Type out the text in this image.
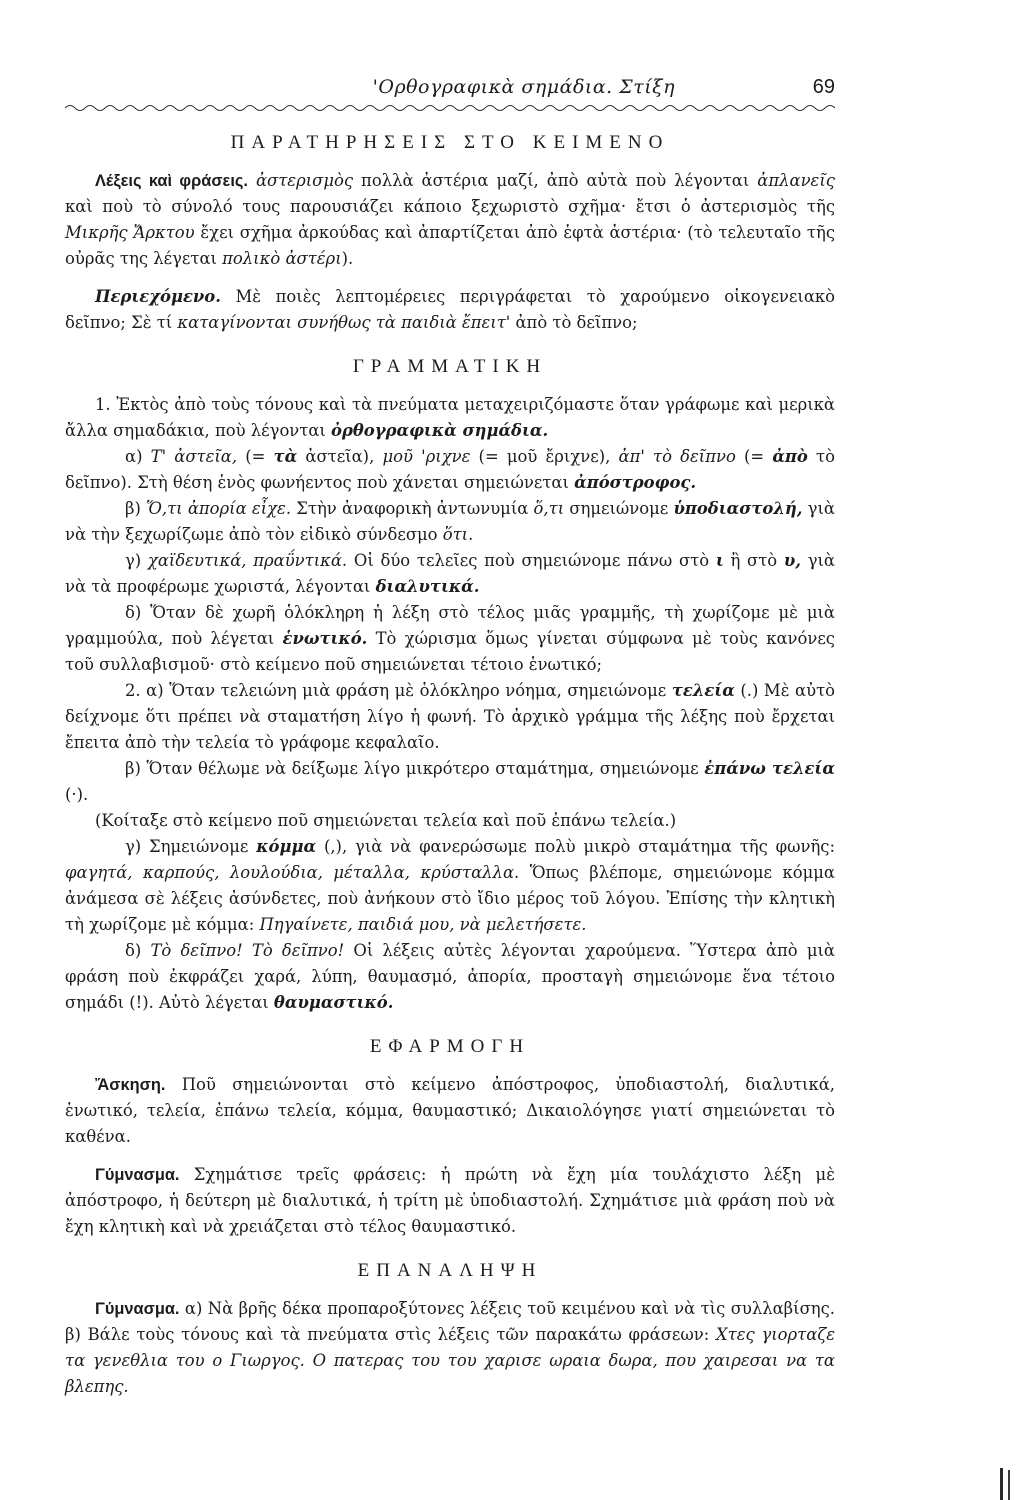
'Ορθογραφικὰ σημάδια. Στίξη	69
ΠΑΡΑΤΗΡΗΣΕΙΣ ΣΤΟ ΚΕΙΜΕΝΟ

Λέξεις καὶ φράσεις. ἀστερισμὸς πολλὰ ἀστέρια μαζί, ἀπὸ αὐτὰ ποὺ λέγονται ἀπλανεῖς καὶ ποὺ τὸ σύνολό τους παρουσιάζει κάποιο ξεχωριστὸ σχῆμα· ἔτσι ὁ ἀστερισμὸς τῆς Μικρῆς Ἄρκτου ἔχει σχῆμα ἀρκούδας καὶ ἀπαρτίζεται ἀπὸ ἑφτὰ ἀστέρια· (τὸ τελευταῖο τῆς οὐρᾶς της λέγεται πολικὸ ἀστέρι).

Περιεχόμενο. Μὲ ποιὲς λεπτομέρειες περιγράφεται τὸ χαρούμενο οἰκογενειακὸ δεῖπνο; Σὲ τί καταγίνονται συνήθως τὰ παιδιὰ ἔπειτ' ἀπὸ τὸ δεῖπνο;

ΓΡΑΜΜΑΤΙΚΗ

1. Ἐκτὸς ἀπὸ τοὺς τόνους καὶ τὰ πνεύματα μεταχειριζόμαστε ὅταν γράφωμε καὶ μερικὰ ἄλλα σημαδάκια, ποὺ λέγονται ὀρθογραφικὰ σημάδια.

α) Τ' ἀστεῖα, (= τὰ ἀστεῖα), μοῦ 'ριχνε (= μοῦ ἔριχνε), ἀπ' τὸ δεῖπνο (= ἀπὸ τὸ δεῖπνο). Στὴ θέση ἑνὸς φωνήεντος ποὺ χάνεται σημειώνεται ἀπόστροφος.

β) Ὅ,τι ἀπορία εἶχε. Στὴν ἀναφορικὴ ἀντωνυμία ὅ,τι σημειώνομε ὑποδιαστολή, γιὰ νὰ τὴν ξεχωρίζωμε ἀπὸ τὸν εἰδικὸ σύνδεσμο ὅτι.

γ) χαϊδευτικά, πραΰντικά. Οἱ δύο τελεῖες ποὺ σημειώνομε πάνω στὸ ι ἢ στὸ υ, γιὰ νὰ τὰ προφέρωμε χωριστά, λέγονται διαλυτικά.

δ) Ὅταν δὲ χωρῆ ὁλόκληρη ἡ λέξη στὸ τέλος μιᾶς γραμμῆς, τὴ χωρίζομε μὲ μιὰ γραμμούλα, ποὺ λέγεται ἑνωτικό. Τὸ χώρισμα ὅμως γίνεται σύμφωνα μὲ τοὺς κανόνες τοῦ συλλαβισμοῦ· στὸ κείμενο ποῦ σημειώνεται τέτοιο ἑνωτικό;

2. α) Ὅταν τελειώνη μιὰ φράση μὲ ὁλόκληρο νόημα, σημειώνομε τελεία (.) Μὲ αὐτὸ δείχνομε ὅτι πρέπει νὰ σταματήση λίγο ἡ φωνή. Τὸ ἀρχικὸ γράμμα τῆς λέξης ποὺ ἔρχεται ἔπειτα ἀπὸ τὴν τελεία τὸ γράφομε κεφαλαῖο.

β) Ὅταν θέλωμε νὰ δείξωμε λίγο μικρότερο σταμάτημα, σημειώνομε ἐπάνω τελεία (·).

(Κοίταξε στὸ κείμενο ποῦ σημειώνεται τελεία καὶ ποῦ ἐπάνω τελεία.)

γ) Σημειώνομε κόμμα (,), γιὰ νὰ φανερώσωμε πολὺ μικρὸ σταμάτημα τῆς φωνῆς: φαγητά, καρπούς, λουλούδια, μέταλλα, κρύσταλλα. Ὅπως βλέπομε, σημειώνομε κόμμα ἀνάμεσα σὲ λέξεις ἀσύνδετες, ποὺ ἀνήκουν στὸ ἴδιο μέρος τοῦ λόγου. Ἐπίσης τὴν κλητικὴ τὴ χωρίζομε μὲ κόμμα: Πηγαίνετε, παιδιά μου, νὰ μελετήσετε.

δ) Τὸ δεῖπνο! Τὸ δεῖπνο! Οἱ λέξεις αὐτὲς λέγονται χαρούμενα. Ὕστερα ἀπὸ μιὰ φράση ποὺ ἐκφράζει χαρά, λύπη, θαυμασμό, ἀπορία, προσταγὴ σημειώνομε ἕνα τέτοιο σημάδι (!). Αὐτὸ λέγεται θαυμαστικό.

ΕΦΑΡΜΟΓΗ

Ἄσκηση. Ποῦ σημειώνονται στὸ κείμενο ἀπόστροφος, ὑποδιαστολή, διαλυτικά, ἑνωτικό, τελεία, ἐπάνω τελεία, κόμμα, θαυμαστικό; Δικαιολόγησε γιατί σημειώνεται τὸ καθένα.

Γύμνασμα. Σχημάτισε τρεῖς φράσεις: ἡ πρώτη νὰ ἔχη μία τουλάχιστο λέξη μὲ ἀπόστροφο, ἡ δεύτερη μὲ διαλυτικά, ἡ τρίτη μὲ ὑποδιαστολή. Σχημάτισε μιὰ φράση ποὺ νὰ ἔχη κλητικὴ καὶ νὰ χρειάζεται στὸ τέλος θαυμαστικό.

ΕΠΑΝΑΛΗΨΗ

Γύμνασμα. α) Νὰ βρῆς δέκα προπαροξύτονες λέξεις τοῦ κειμένου καὶ νὰ τὶς συλλαβίσης. β) Βάλε τοὺς τόνους καὶ τὰ πνεύματα στὶς λέξεις τῶν παρακάτω φράσεων: Χτες γιορταζε τα γενεθλια του ο Γιωργος. Ο πατερας του του χαρισε ωραια δωρα, που χαιρεσαι να τα βλεπης.
